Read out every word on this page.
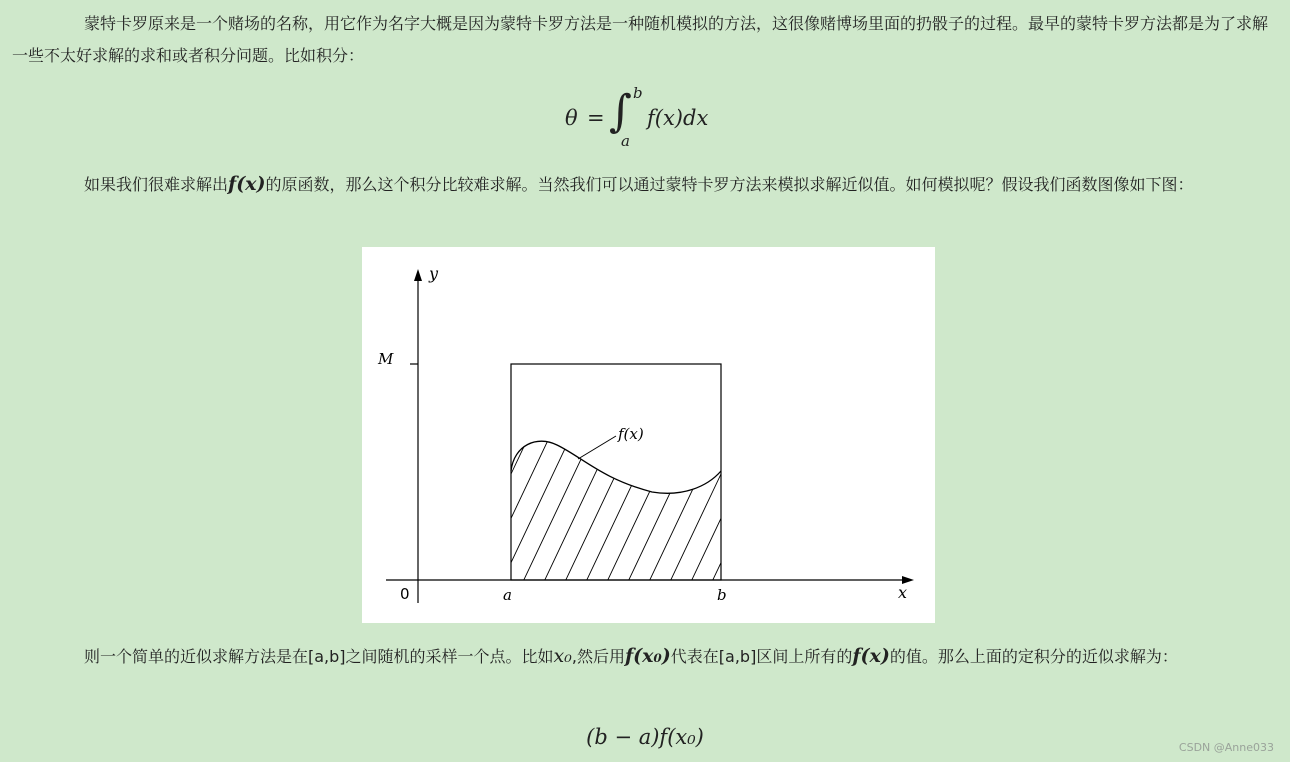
蒙特卡罗原来是一个赌场的名称，用它作为名字大概是因为蒙特卡罗方法是一种随机模拟的方法，这很像赌博场里面的扔骰子的过程。最早的蒙特卡罗方法都是为了求解一些不太好求解的求和或者积分问题。比如积分：

θ = ∫ b
a
f(x)dx

如果我们很难求解出f(x)的原函数，那么这个积分比较难求解。当然我们可以通过蒙特卡罗方法来模拟求解近似值。如何模拟呢？假设我们函数图像如下图：

y
x
0
M
a	b
f(x)

则一个简单的近似求解方法是在[a,b]之间随机的采样一个点。比如x₀,然后用f(x₀)代表在[a,b]区间上所有的f(x)的值。那么上面的定积分的近似求解为：

(b − a)f(x₀)	CSDN @Anne033
